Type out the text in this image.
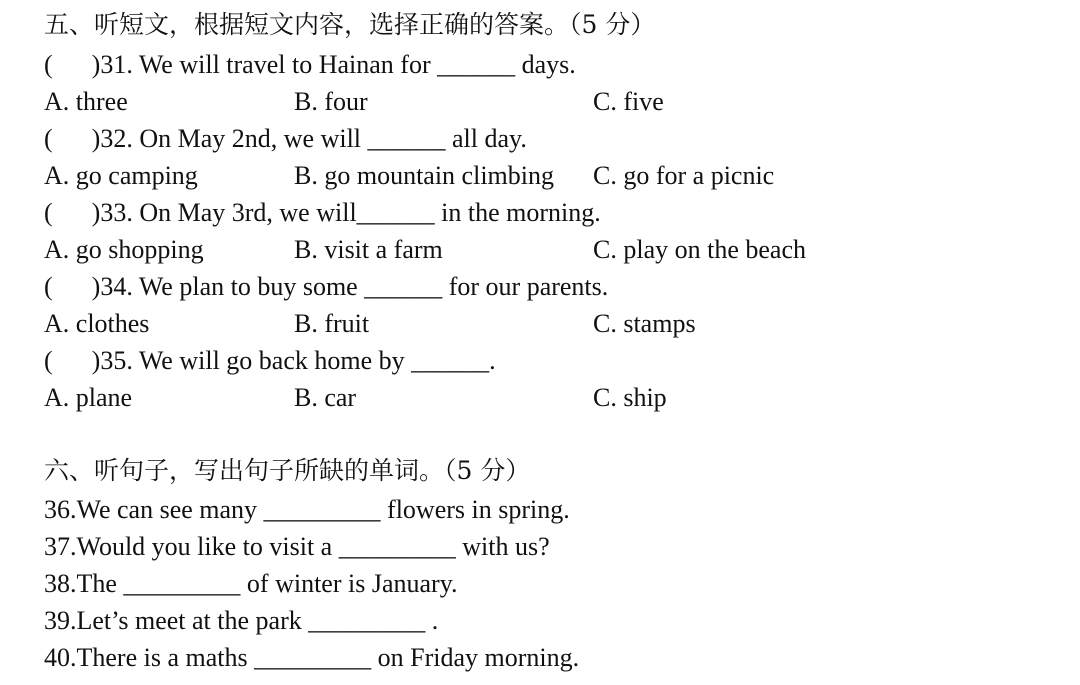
五、听短文，根据短文内容，选择正确的答案。（5 分）
(      )31. We will travel to Hainan for ______ days.
A. three	B. four	C. five
(      )32. On May 2nd, we will ______ all day.
A. go camping	B. go mountain climbing C. go for a picnic
(      )33. On May 3rd, we will______ in the morning.
A. go shopping	B. visit a farm	C. play on the beach
(      )34. We plan to buy some ______ for our parents.
A. clothes	B. fruit	C. stamps
(      )35. We will go back home by ______.
A. plane	B. car	C. ship
六、听句子，写出句子所缺的单词。（5 分）
36.We can see many _________ flowers in spring.
37.Would you like to visit a _________ with us?
38.The _________ of winter is January.
39.Let’s meet at the park _________ .
40.There is a maths _________ on Friday morning.
